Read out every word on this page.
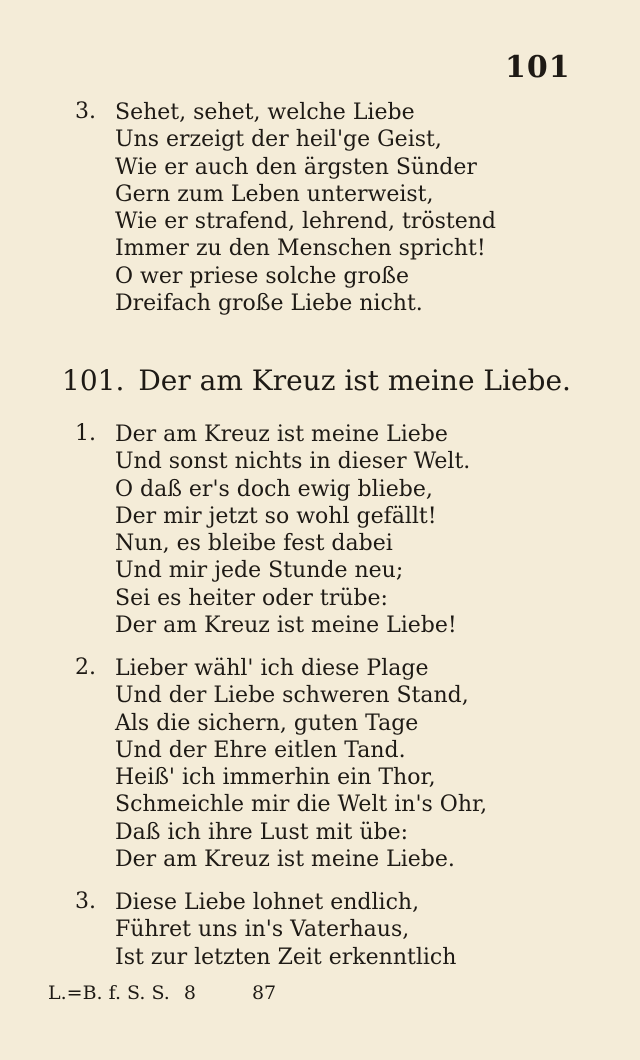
101
3. Sehet, sehet, welche Liebe
Uns erzeigt der heil'ge Geist,
Wie er auch den ärgsten Sünder
Gern zum Leben unterweist,
Wie er strafend, lehrend, tröstend
Immer zu den Menschen spricht!
O wer priese solche große
Dreifach große Liebe nicht.
101. Der am Kreuz ist meine Liebe.
1. Der am Kreuz ist meine Liebe
Und sonst nichts in dieser Welt.
O daß er's doch ewig bliebe,
Der mir jetzt so wohl gefällt!
Nun, es bleibe fest dabei
Und mir jede Stunde neu;
Sei es heiter oder trübe:
Der am Kreuz ist meine Liebe!
2. Lieber wähl' ich diese Plage
Und der Liebe schweren Stand,
Als die sichern, guten Tage
Und der Ehre eitlen Tand.
Heiß' ich immerhin ein Thor,
Schmeichle mir die Welt in's Ohr,
Daß ich ihre Lust mit übe:
Der am Kreuz ist meine Liebe.
3. Diese Liebe lohnet endlich,
Führet uns in's Vaterhaus,
Ist zur letzten Zeit erkenntlich
L.=B. f. S. S. 8	87
